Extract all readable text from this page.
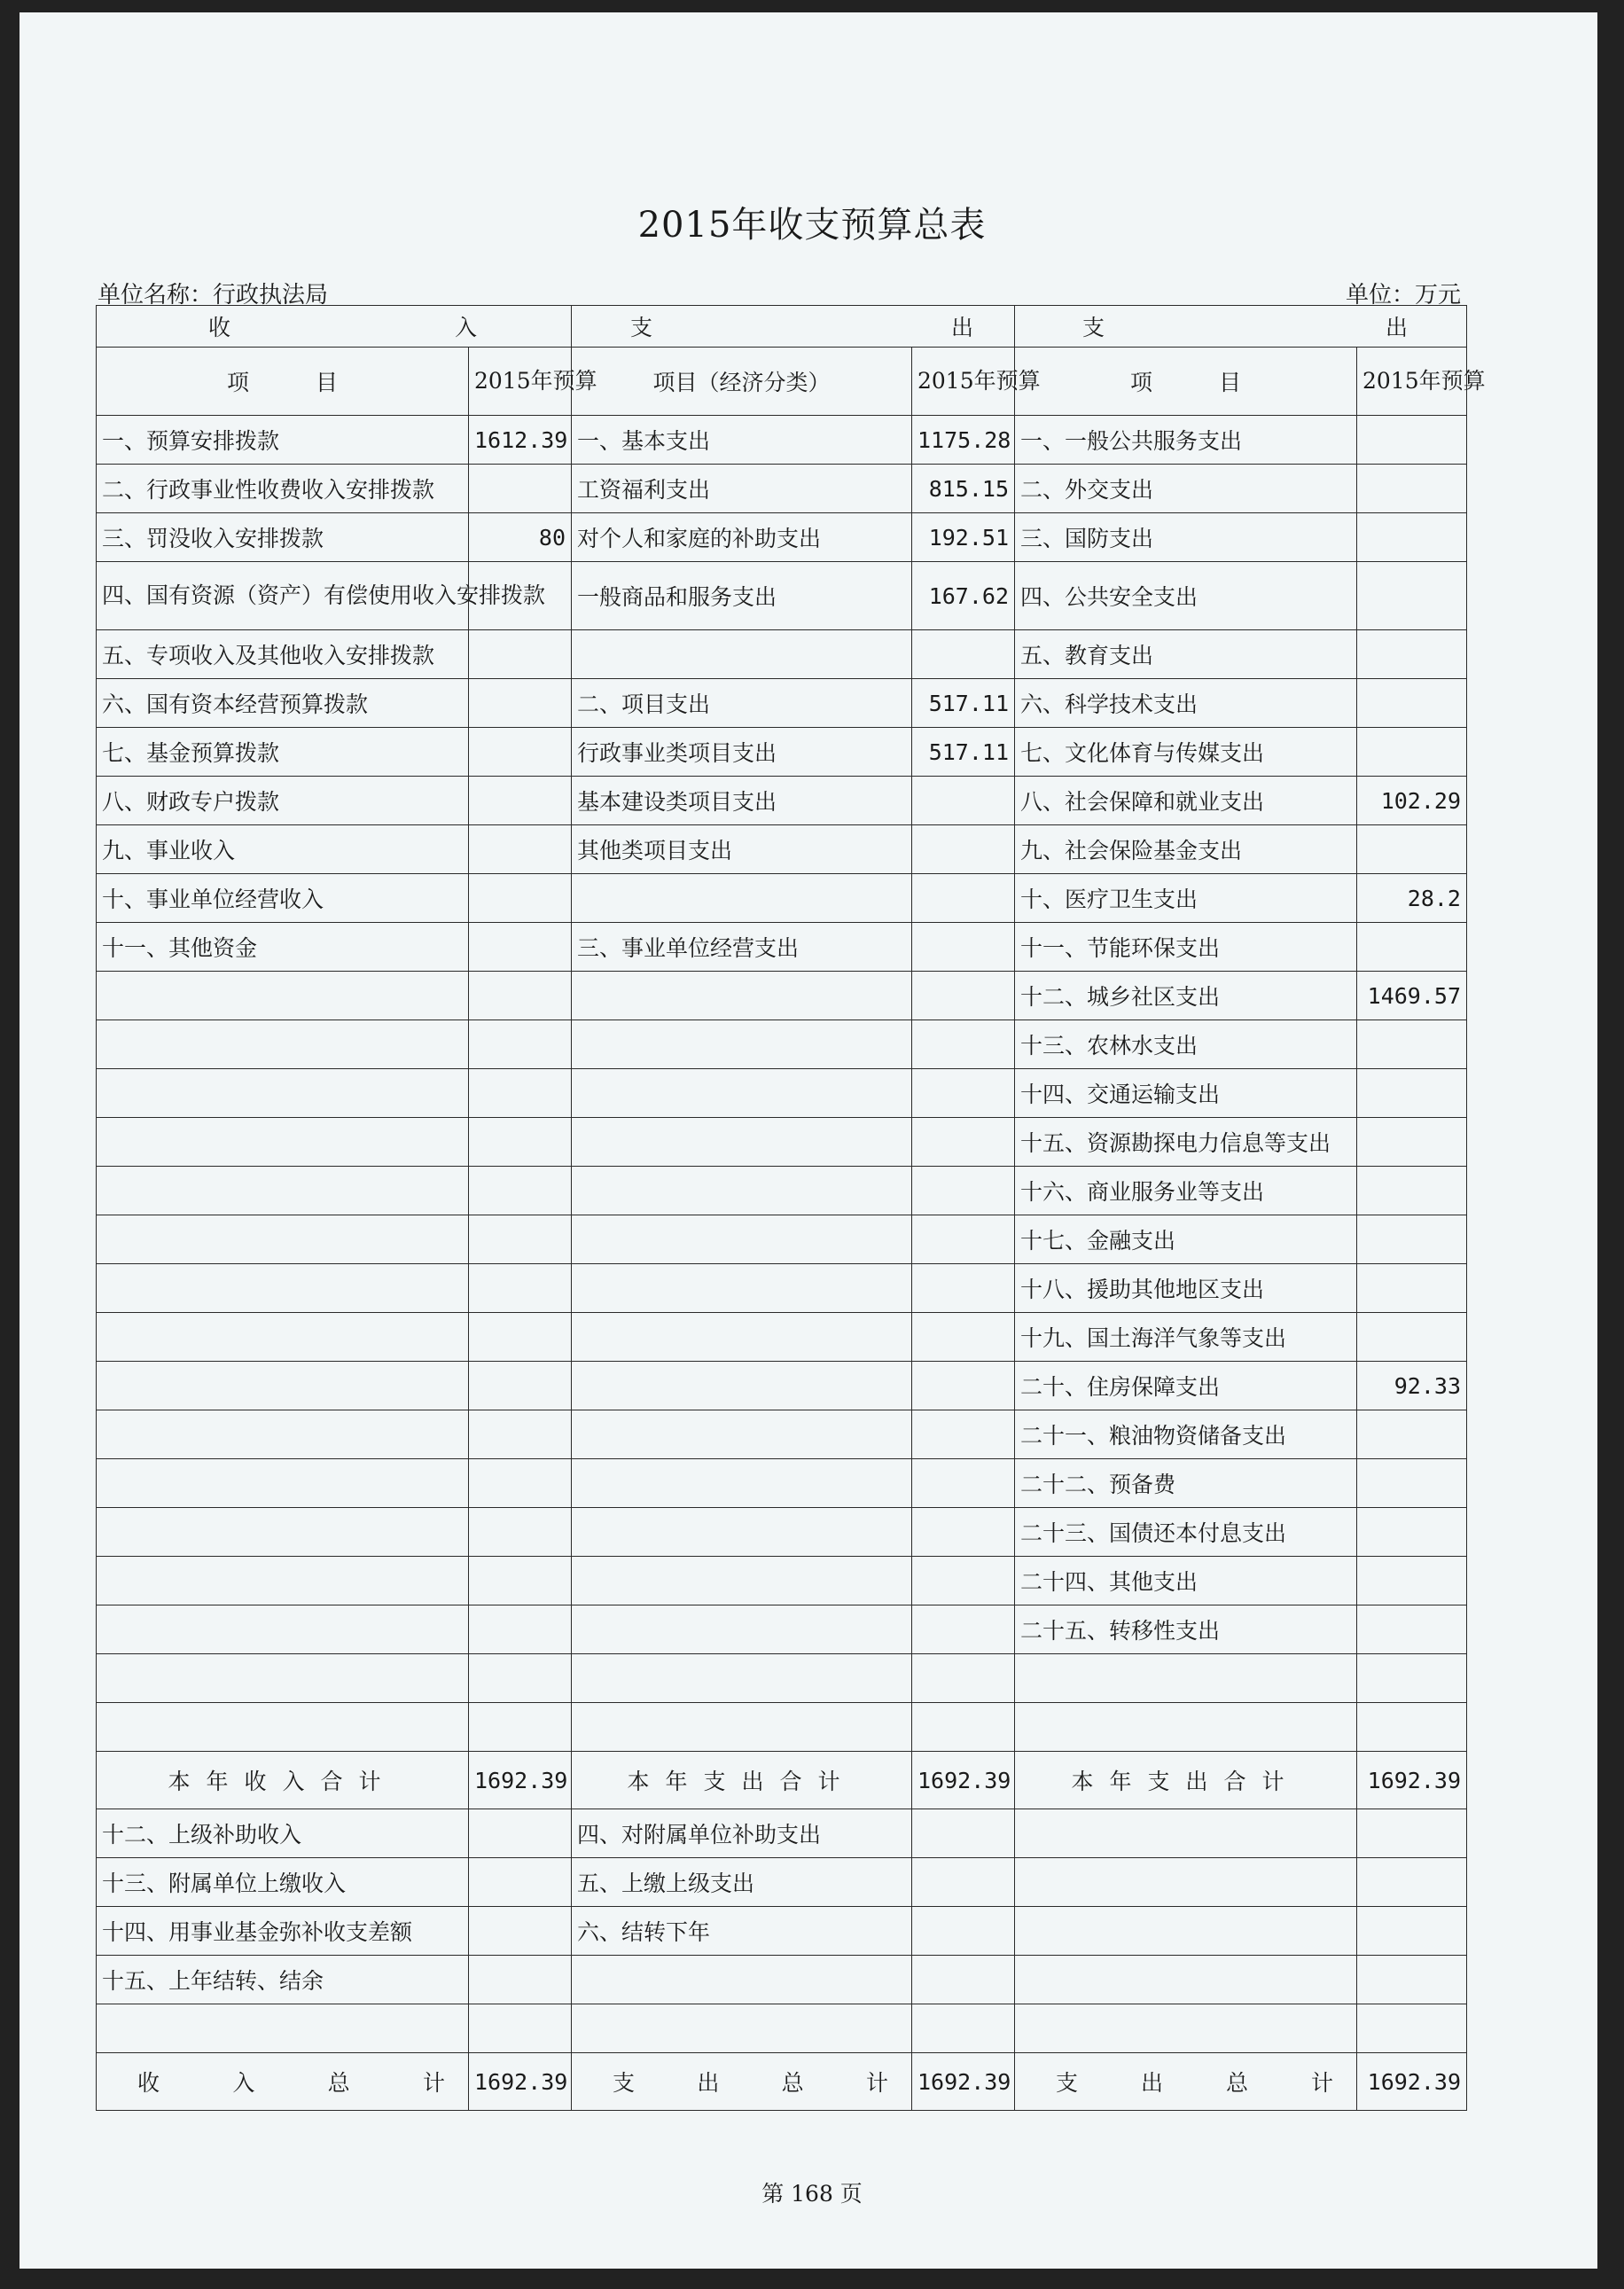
2015年收支预算总表
单位名称：行政执法局	单位：万元
收 入		支 出		支 出	

项　　　目	2015年预算	项目（经济分类）	2015年预算	项　　　目	2015年预算
一、预算安排拨款	1612.39	一、基本支出	1175.28	一、一般公共服务支出	
二、行政事业性收费收入安排拨款		工资福利支出	815.15	二、外交支出	
三、罚没收入安排拨款	80	对个人和家庭的补助支出	192.51	三、国防支出	
四、国有资源（资产）有偿使用收入安排拨款		一般商品和服务支出	167.62	四、公共安全支出	
五、专项收入及其他收入安排拨款				五、教育支出	
六、国有资本经营预算拨款		二、项目支出	517.11	六、科学技术支出	
七、基金预算拨款		行政事业类项目支出	517.11	七、文化体育与传媒支出	
八、财政专户拨款		基本建设类项目支出		八、社会保障和就业支出	102.29
九、事业收入		其他类项目支出		九、社会保险基金支出	
十、事业单位经营收入				十、医疗卫生支出	28.2
十一、其他资金		三、事业单位经营支出		十一、节能环保支出	
				十二、城乡社区支出	1469.57
				十三、农林水支出	
				十四、交通运输支出	
				十五、资源勘探电力信息等支出	
				十六、商业服务业等支出	
				十七、金融支出	
				十八、援助其他地区支出	
				十九、国土海洋气象等支出	
				二十、住房保障支出	92.33
				二十一、粮油物资储备支出	
				二十二、预备费	
				二十三、国债还本付息支出	
				二十四、其他支出	
				二十五、转移性支出	

本年收入合计	1692.39	本年支出合计	1692.39	本年支出合计	1692.39
十二、上级补助收入		四、对附属单位补助支出			
十三、附属单位上缴收入		五、上缴上级支出			
十四、用事业基金弥补收支差额		六、结转下年			
十五、上年结转、结余					

收 入 总 计	1692.39	支 出 总 计	1692.39	支 出 总 计	1692.39
第 168 页
